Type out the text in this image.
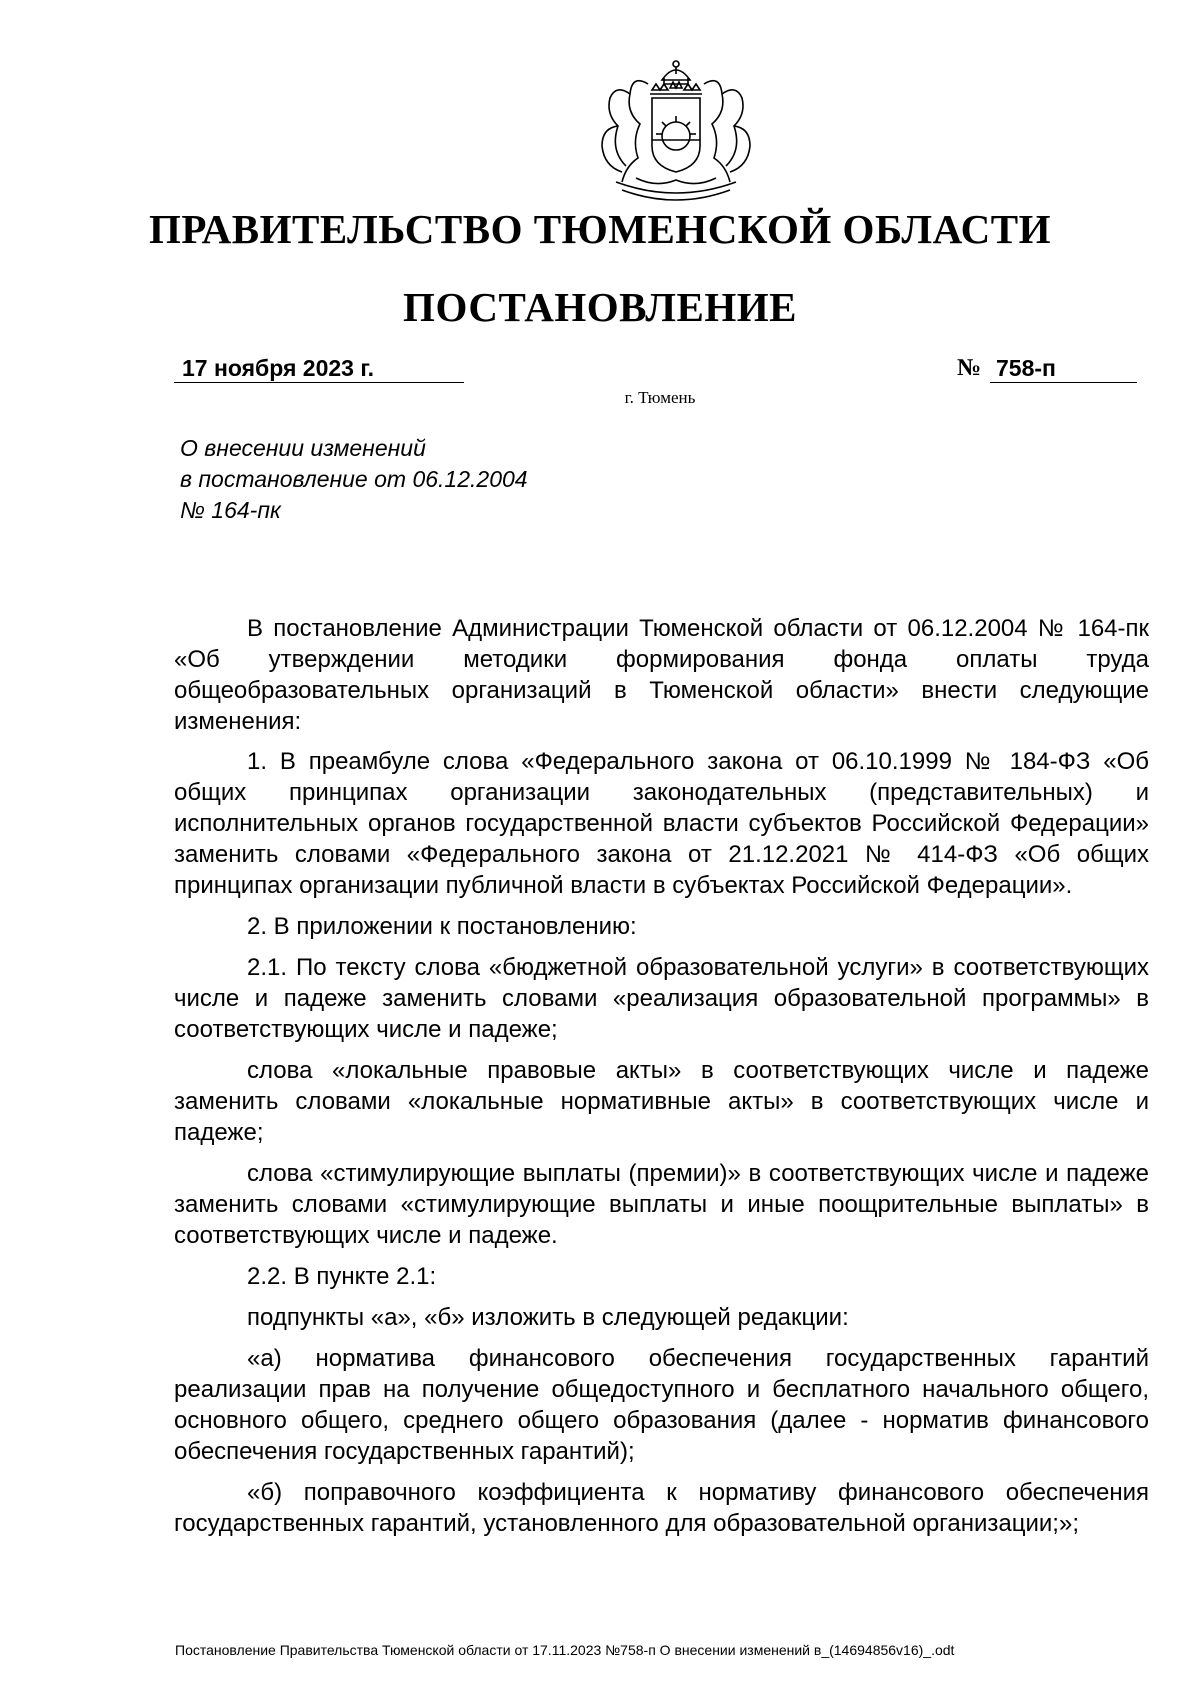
ПРАВИТЕЛЬСТВО ТЮМЕНСКОЙ ОБЛАСТИ
ПОСТАНОВЛЕНИЕ
17 ноября 2023 г.	№ 758-п
г. Тюмень
О внесении изменений
в постановление от 06.12.2004
№ 164-пк

В постановление Администрации Тюменской области от 06.12.2004 № 164-пк «Об утверждении методики формирования фонда оплаты труда общеобразовательных организаций в Тюменской области» внести следующие изменения:

1. В преамбуле слова «Федерального закона от 06.10.1999 № 184-ФЗ «Об общих принципах организации законодательных (представительных) и исполнительных органов государственной власти субъектов Российской Федерации» заменить словами «Федерального закона от 21.12.2021 № 414-ФЗ «Об общих принципах организации публичной власти в субъектах Российской Федерации».

2. В приложении к постановлению:

2.1. По тексту слова «бюджетной образовательной услуги» в соответствующих числе и падеже заменить словами «реализация образовательной программы» в соответствующих числе и падеже;

слова «локальные правовые акты» в соответствующих числе и падеже заменить словами «локальные нормативные акты» в соответствующих числе и падеже;

слова «стимулирующие выплаты (премии)» в соответствующих числе и падеже заменить словами «стимулирующие выплаты и иные поощрительные выплаты» в соответствующих числе и падеже.

2.2. В пункте 2.1:

подпункты «а», «б» изложить в следующей редакции:

«а) норматива финансового обеспечения государственных гарантий реализации прав на получение общедоступного и бесплатного начального общего, основного общего, среднего общего образования (далее - норматив финансового обеспечения государственных гарантий);

«б) поправочного коэффициента к нормативу финансового обеспечения государственных гарантий, установленного для образовательной организации;»;

Постановление Правительства Тюменской области от 17.11.2023 №758-п О внесении изменений в_(14694856v16)_.odt
